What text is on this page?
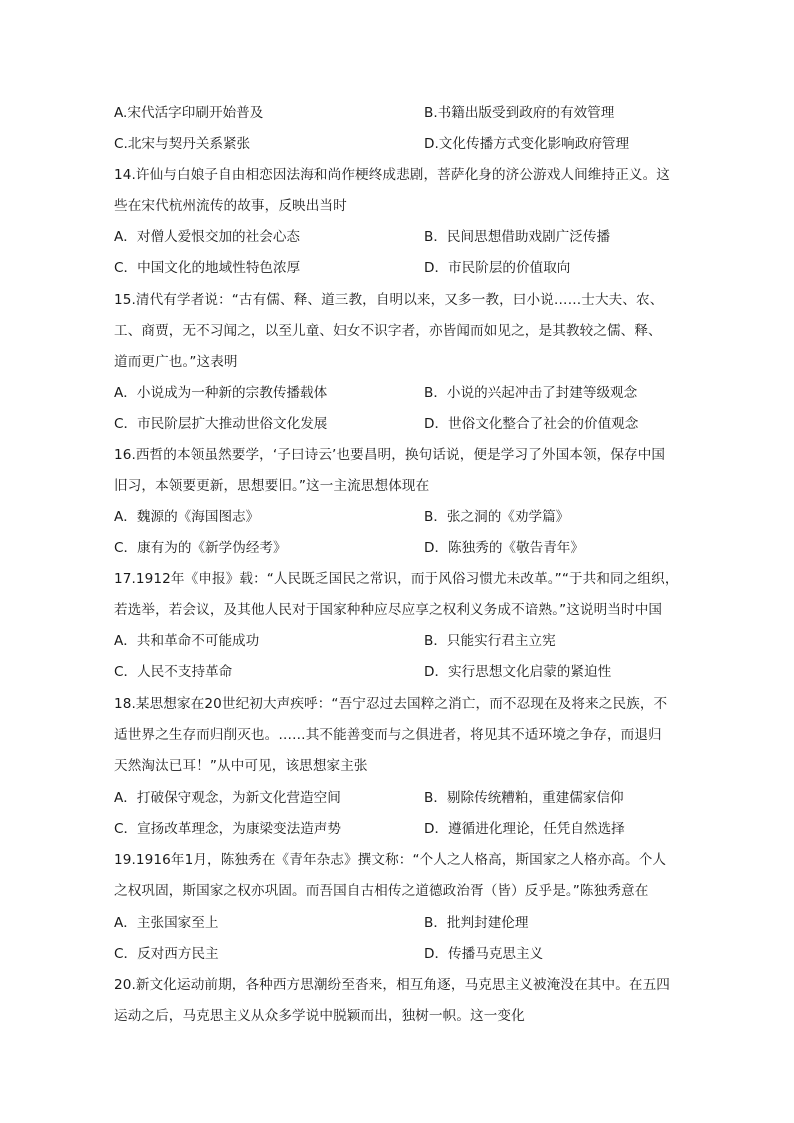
A.宋代活字印刷开始普及	B.书籍出版受到政府的有效管理
C.北宋与契丹关系紧张	D.文化传播方式变化影响政府管理
14.许仙与白娘子自由相恋因法海和尚作梗终成悲剧，菩萨化身的济公游戏人间维持正义。这
些在宋代杭州流传的故事，反映出当时
A．对僧人爱恨交加的社会心态	B．民间思想借助戏剧广泛传播
C．中国文化的地域性特色浓厚	D．市民阶层的价值取向
15.清代有学者说：“古有儒、释、道三教，自明以来，又多一教，曰小说……士大夫、农、
工、商贾，无不习闻之，以至儿童、妇女不识字者，亦皆闻而如见之，是其教较之儒、释、
道而更广也。”这表明
A．小说成为一种新的宗教传播载体	B．小说的兴起冲击了封建等级观念
C．市民阶层扩大推动世俗文化发展	D．世俗文化整合了社会的价值观念
16.西哲的本领虽然要学，‘子曰诗云’也要昌明，换句话说，便是学习了外国本领，保存中国
旧习，本领要更新，思想要旧。”这一主流思想体现在
A．魏源的《海国图志》	B．张之洞的《劝学篇》
C．康有为的《新学伪经考》	D．陈独秀的《敬告青年》
17.1912年《申报》载：“人民既乏国民之常识，而于风俗习惯尤未改革。”“于共和同之组织，
若选举，若会议，及其他人民对于国家种种应尽应享之权利义务成不谙熟。”这说明当时中国
A．共和革命不可能成功	B．只能实行君主立宪
C．人民不支持革命	D．实行思想文化启蒙的紧迫性
18.某思想家在20世纪初大声疾呼：“吾宁忍过去国粹之消亡，而不忍现在及将来之民族，不
适世界之生存而归削灭也。……其不能善变而与之俱进者，将见其不适环境之争存，而退归
天然淘汰已耳！”从中可见，该思想家主张
A．打破保守观念，为新文化营造空间	B．剔除传统糟粕，重建儒家信仰
C．宣扬改革理念，为康梁变法造声势	D．遵循进化理论，任凭自然选择
19.1916年1月，陈独秀在《青年杂志》撰文称：“个人之人格高，斯国家之人格亦高。个人
之权巩固，斯国家之权亦巩固。而吾国自古相传之道德政治胥（皆）反乎是。”陈独秀意在
A．主张国家至上	B．批判封建伦理
C．反对西方民主	D．传播马克思主义
20.新文化运动前期，各种西方思潮纷至沓来，相互角逐，马克思主义被淹没在其中。在五四
运动之后，马克思主义从众多学说中脱颖而出，独树一帜。这一变化
